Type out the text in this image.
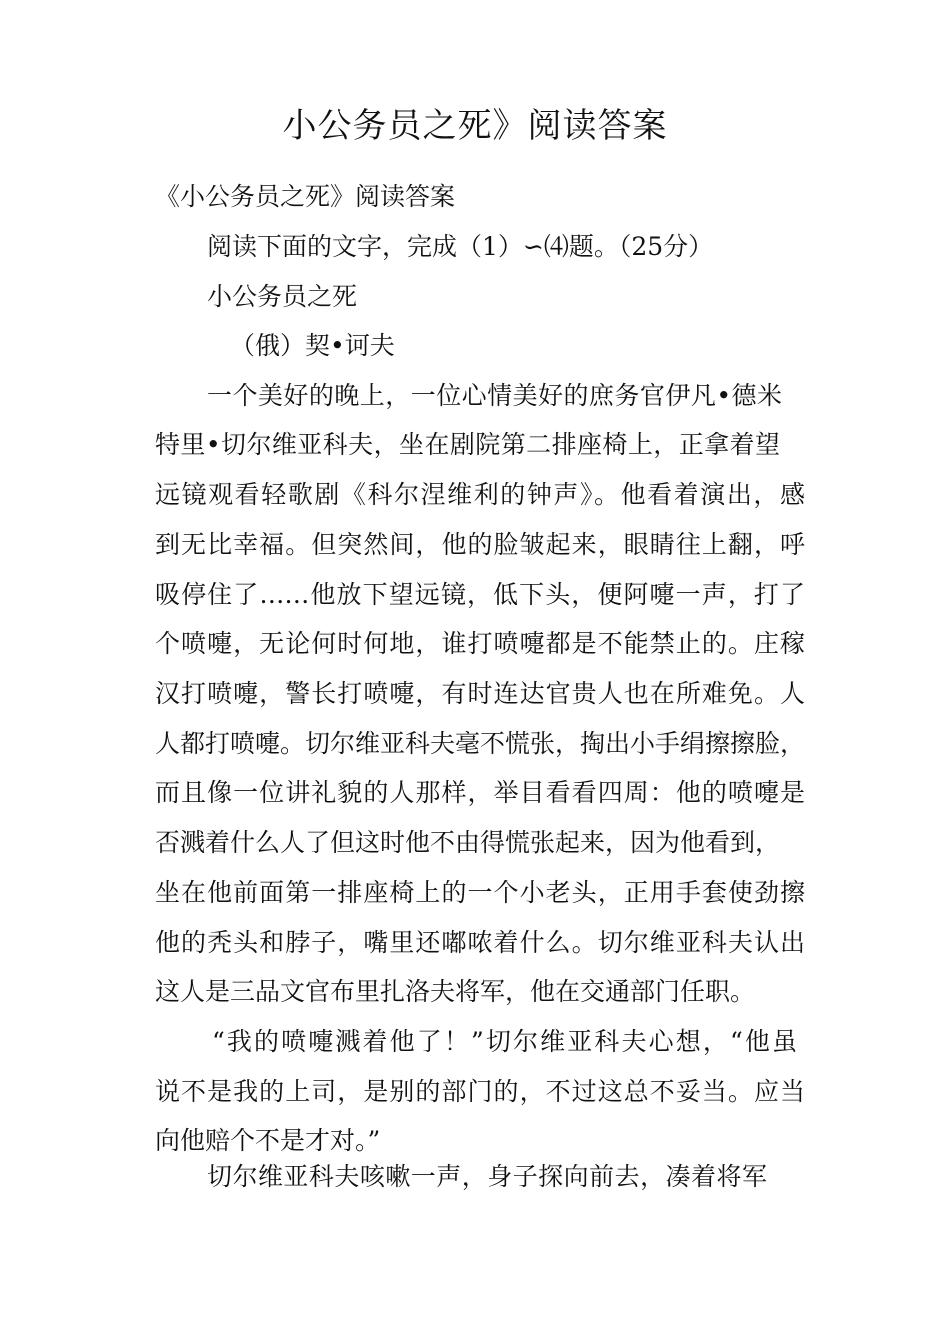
小公务员之死》阅读答案
《小公务员之死》阅读答案
阅读下面的文字，完成（1）∽⑷题。（25分）
小公务员之死
（俄）契•诃夫
一个美好的晚上，一位心情美好的庶务官伊凡•德米
特里•切尔维亚科夫，坐在剧院第二排座椅上，正拿着望
远镜观看轻歌剧《科尔涅维利的钟声》。他看着演出，感
到无比幸福。但突然间，他的脸皱起来，眼睛往上翻，呼
吸停住了……他放下望远镜，低下头，便阿嚏一声，打了
个喷嚏，无论何时何地，谁打喷嚏都是不能禁止的。庄稼
汉打喷嚏，警长打喷嚏，有时连达官贵人也在所难免。人
人都打喷嚏。切尔维亚科夫毫不慌张，掏出小手绢擦擦脸，
而且像一位讲礼貌的人那样，举目看看四周：他的喷嚏是
否溅着什么人了但这时他不由得慌张起来，因为他看到，
坐在他前面第一排座椅上的一个小老头，正用手套使劲擦
他的秃头和脖子，嘴里还嘟哝着什么。切尔维亚科夫认出
这人是三品文官布里扎洛夫将军，他在交通部门任职。
“我的喷嚏溅着他了！”切尔维亚科夫心想，“他虽
说不是我的上司，是别的部门的，不过这总不妥当。应当
向他赔个不是才对。”
切尔维亚科夫咳嗽一声，身子探向前去，凑着将军
